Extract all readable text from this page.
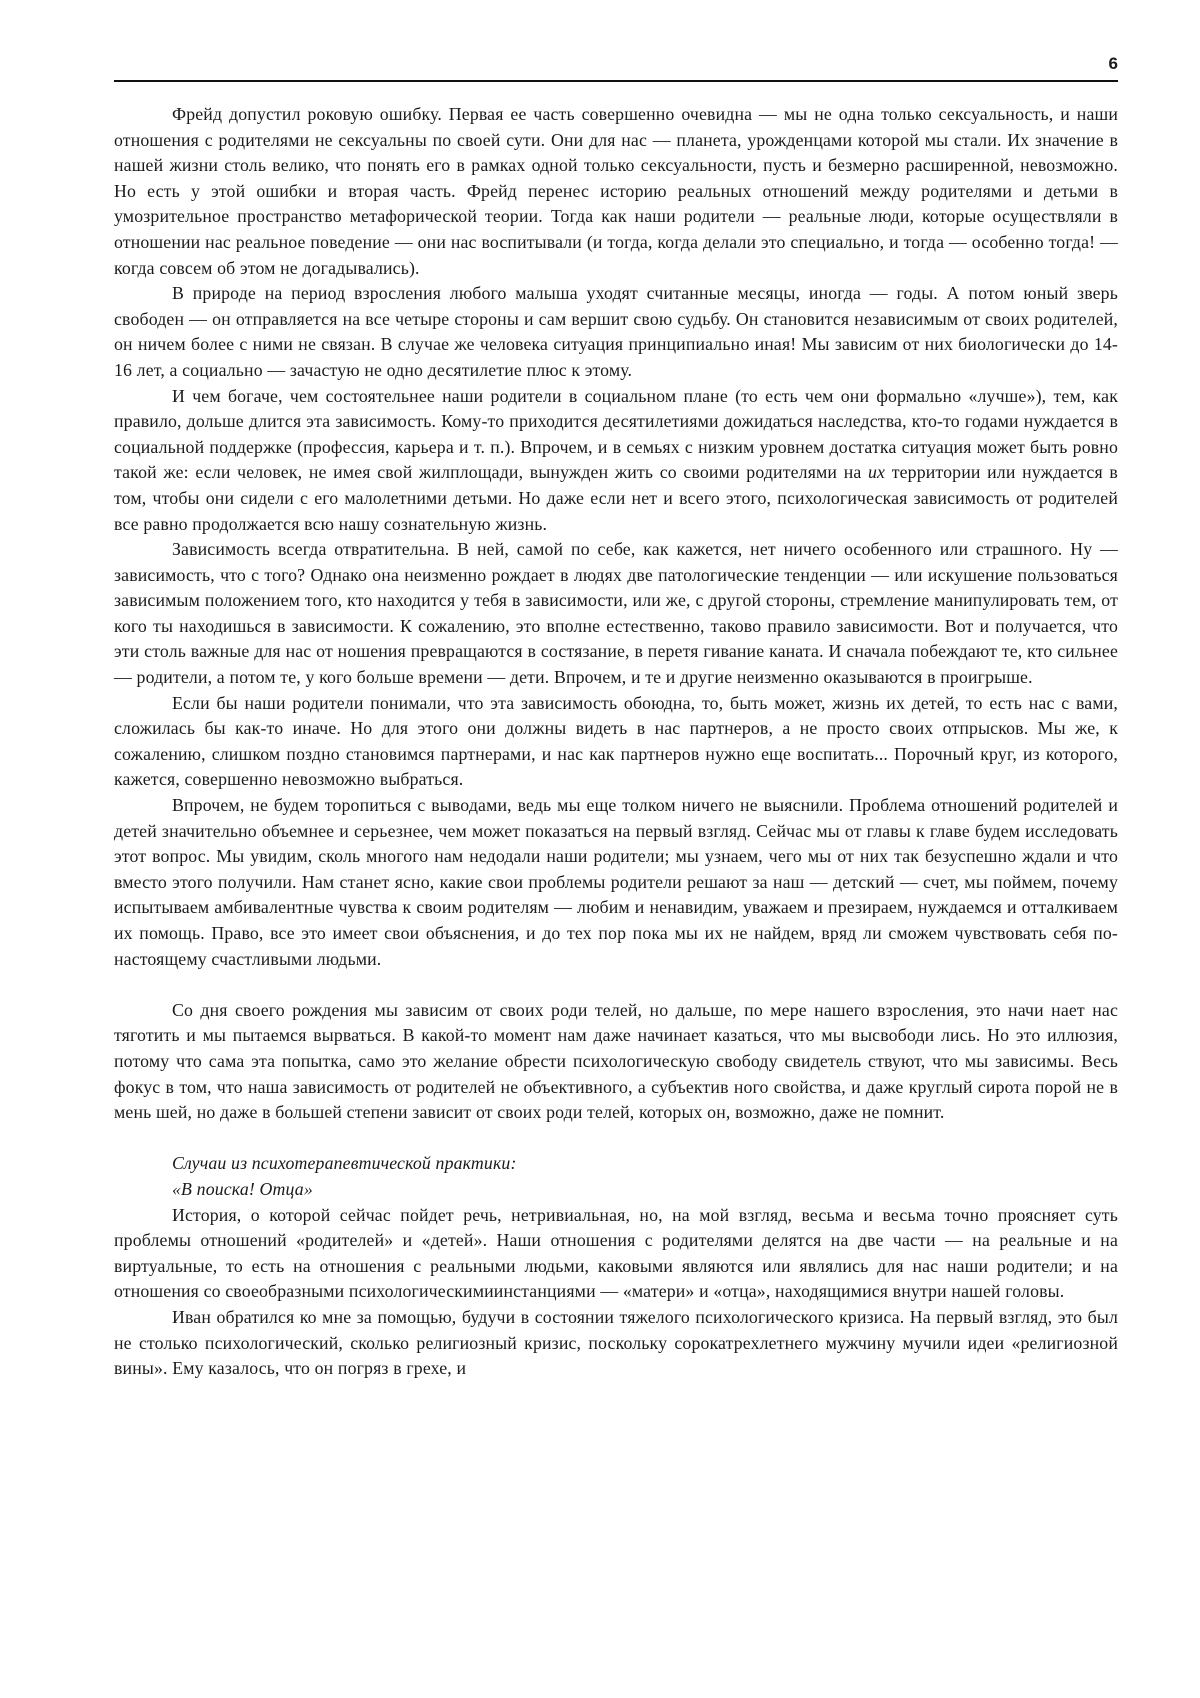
6

Фрейд допустил роковую ошибку. Первая ее часть совершенно очевидна — мы не одна только сексуальность, и наши отношения с родителями не сексуальны по своей сути. Они для нас — планета, урожденцами которой мы стали. Их значение в нашей жизни столь велико, что понять его в рамках одной только сексуальности, пусть и безмерно расширенной, невозможно. Но есть у этой ошибки и вторая часть. Фрейд перенес историю реальных отношений между родителями и детьми в умозрительное пространство метафорической теории. Тогда как наши родители — реальные люди, которые осуществляли в отношении нас реальное поведение — они нас воспитывали (и тогда, когда делали это специально, и тогда — особенно тогда! — когда совсем об этом не догадывались).

В природе на период взросления любого малыша уходят считанные месяцы, иногда — годы. А потом юный зверь свободен — он отправляется на все четыре стороны и сам вершит свою судьбу. Он становится независимым от своих родителей, он ничем более с ними не связан. В случае же человека ситуация принципиально иная! Мы зависим от них биологически до 14-16 лет, а социально — зачастую не одно десятилетие плюс к этому.

И чем богаче, чем состоятельнее наши родители в социальном плане (то есть чем они формально «лучше»), тем, как правило, дольше длится эта зависимость. Кому-то приходится десятилетиями дожидаться наследства, кто-то годами нуждается в социальной поддержке (профессия, карьера и т. п.). Впрочем, и в семьях с низким уровнем достатка ситуация может быть ровно такой же: если человек, не имея свой жилплощади, вынужден жить со своими родителями на их территории или нуждается в том, чтобы они сидели с его малолетними детьми. Но даже если нет и всего этого, психологическая зависимость от родителей все равно продолжается всю нашу сознательную жизнь.

Зависимость всегда отвратительна. В ней, самой по себе, как кажется, нет ничего особенного или страшного. Ну — зависимость, что с того? Однако она неизменно рождает в людях две патологические тенденции — или искушение пользоваться зависимым положением того, кто находится у тебя в зависимости, или же, с другой стороны, стремление манипулировать тем, от кого ты находишься в зависимости. К сожалению, это вполне естественно, таково правило зависимости. Вот и получается, что эти столь важные для нас от ношения превращаются в состязание, в перетя гивание каната. И сначала побеждают те, кто сильнее — родители, а потом те, у кого больше времени — дети. Впрочем, и те и другие неизменно оказываются в проигрыше.

Если бы наши родители понимали, что эта зависимость обоюдна, то, быть может, жизнь их детей, то есть нас с вами, сложилась бы как-то иначе. Но для этого они должны видеть в нас партнеров, а не просто своих отпрысков. Мы же, к сожалению, слишком поздно становимся партнерами, и нас как партнеров нужно еще воспитать... Порочный круг, из которого, кажется, совершенно невозможно выбраться.

Впрочем, не будем торопиться с выводами, ведь мы еще толком ничего не выяснили. Проблема отношений родителей и детей значительно объемнее и серьезнее, чем может показаться на первый взгляд. Сейчас мы от главы к главе будем исследовать этот вопрос. Мы увидим, сколь многого нам недодали наши родители; мы узнаем, чего мы от них так безуспешно ждали и что вместо этого получили. Нам станет ясно, какие свои проблемы родители решают за наш — детский — счет, мы поймем, почему испытываем амбивалентные чувства к своим родителям — любим и ненавидим, уважаем и презираем, нуждаемся и отталкиваем их помощь. Право, все это имеет свои объяснения, и до тех пор пока мы их не найдем, вряд ли сможем чувствовать себя по-настоящему счастливыми людьми.

Со дня своего рождения мы зависим от своих роди телей, но дальше, по мере нашего взросления, это начи нает нас тяготить и мы пытаемся вырваться. В какой-то момент нам даже начинает казаться, что мы высвободи лись. Но это иллюзия, потому что сама эта попытка, само это желание обрести психологическую свободу свидетель ствуют, что мы зависимы. Весь фокус в том, что наша зависимость от родителей не объективного, а субъектив ного свойства, и даже круглый сирота порой не в мень шей, но даже в большей степени зависит от своих роди телей, которых он, возможно, даже не помнит.

Случаи из психотерапевтической практики:

«В поиска! Отца»

История, о которой сейчас пойдет речь, нетривиальная, но, на мой взгляд, весьма и весьма точно проясняет суть проблемы отношений «родителей» и «детей». Наши отношения с родителями делятся на две части — на реальные и на виртуальные, то есть на отношения с реальными людьми, каковыми являются или являлись для нас наши родители; и на отношения со своеобразными психологическимиинстанциями — «матери» и «отца», находящимися внутри нашей головы.

Иван обратился ко мне за помощью, будучи в состоянии тяжелого психологического кризиса. На первый взгляд, это был не столько психологический, сколько религиозный кризис, поскольку сорокатрехлетнего мужчину мучили идеи «религиозной вины». Ему казалось, что он погряз в грехе, и
